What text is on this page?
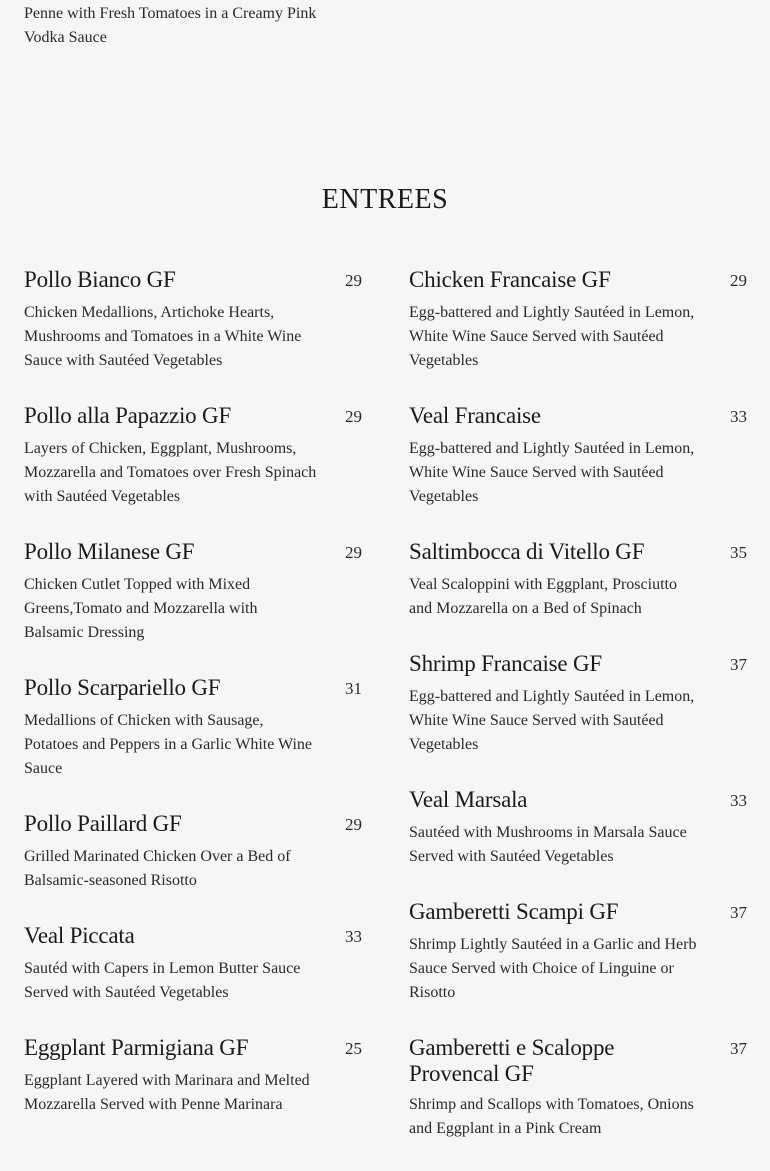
Penne with Fresh Tomatoes in a Creamy Pink Vodka Sauce
ENTREES
Pollo Bianco GF	29
Chicken Medallions, Artichoke Hearts, Mushrooms and Tomatoes in a White Wine Sauce with Sautéed Vegetables
Pollo alla Papazzio GF	29
Layers of Chicken, Eggplant, Mushrooms, Mozzarella and Tomatoes over Fresh Spinach with Sautéed Vegetables
Pollo Milanese GF	29
Chicken Cutlet Topped with Mixed Greens,Tomato and Mozzarella with Balsamic Dressing
Pollo Scarpariello GF	31
Medallions of Chicken with Sausage, Potatoes and Peppers in a Garlic White Wine Sauce
Pollo Paillard GF	29
Grilled Marinated Chicken Over a Bed of Balsamic-seasoned Risotto
Veal Piccata	33
Sautéd with Capers in Lemon Butter Sauce Served with Sautéed Vegetables
Eggplant Parmigiana GF	25
Eggplant Layered with Marinara and Melted Mozzarella Served with Penne Marinara
Chicken Francaise GF	29
Egg-battered and Lightly Sautéed in Lemon, White Wine Sauce Served with Sautéed Vegetables
Veal Francaise	33
Egg-battered and Lightly Sautéed in Lemon, White Wine Sauce Served with Sautéed Vegetables
Saltimbocca di Vitello GF	35
Veal Scaloppini with Eggplant, Prosciutto and Mozzarella on a Bed of Spinach
Shrimp Francaise GF	37
Egg-battered and Lightly Sautéed in Lemon, White Wine Sauce Served with Sautéed Vegetables
Veal Marsala	33
Sautéed with Mushrooms in Marsala Sauce Served with Sautéed Vegetables
Gamberetti Scampi GF	37
Shrimp Lightly Sautéed in a Garlic and Herb Sauce Served with Choice of Linguine or Risotto
Gamberetti e Scaloppe Provencal GF
37
Shrimp and Scallops with Tomatoes, Onions and Eggplant in a Pink Cream
